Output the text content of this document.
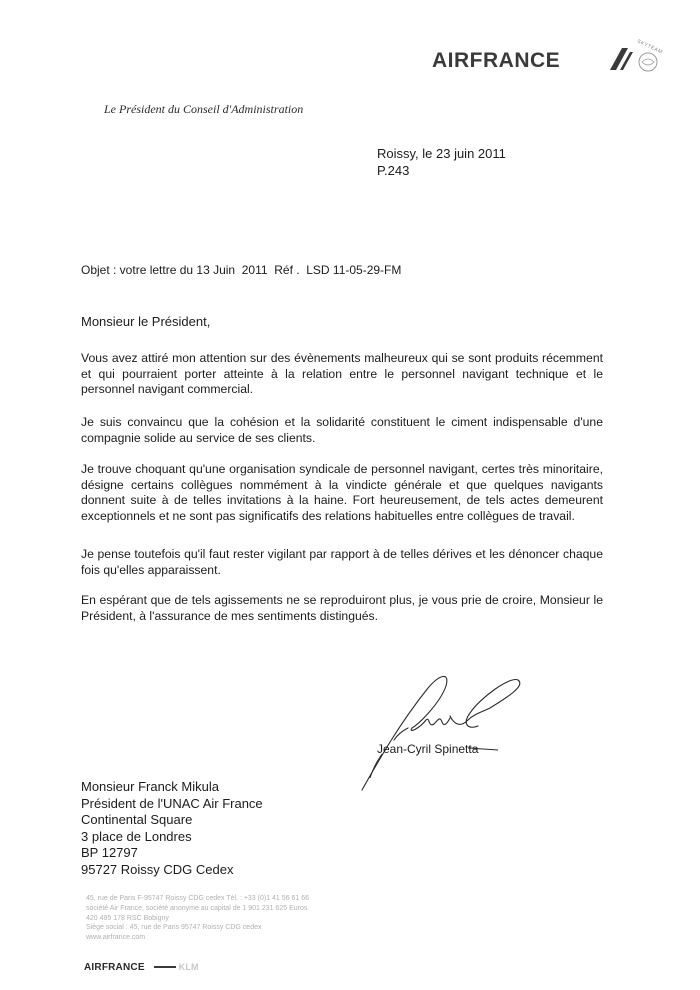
AIRFRANCE
SKYTEAM
Le Président du Conseil d'Administration
Roissy, le 23 juin 2011
P.243
Objet : votre lettre du 13 Juin  2011  Réf .  LSD 11-05-29-FM
Monsieur le Président,
Vous avez attiré mon attention sur des évènements malheureux qui se sont produits récemment et qui pourraient porter atteinte à la relation entre le personnel navigant technique et le personnel navigant commercial.
Je suis convaincu que la cohésion et la solidarité constituent le ciment indispensable d'une compagnie solide au service de ses clients.
Je trouve choquant qu'une organisation syndicale de personnel navigant, certes très minoritaire, désigne certains collègues nommément à la vindicte générale et que quelques navigants donnent suite à de telles invitations à la haine. Fort heureusement, de tels actes demeurent exceptionnels et ne sont pas significatifs des relations habituelles entre collègues de travail.
Je pense toutefois qu'il faut rester vigilant par rapport à de telles dérives et les dénoncer chaque fois qu'elles apparaissent.
En espérant que de tels agissements ne se reproduiront plus, je vous prie de croire, Monsieur le Président, à l'assurance de mes sentiments distingués.
Jean-Cyril Spinetta
Monsieur Franck Mikula
Président de l'UNAC Air France
Continental Square
3 place de Londres
BP 12797
95727 Roissy CDG Cedex
45, rue de Paris F-95747 Roissy CDG cedex Tél. : +33 (0)1 41 56 61 66
société Air France, société anonyme au capital de 1 901 231 625 Euros
420 495 178 RSC Bobigny
Siège social : 45, rue de Paris 95747 Roissy CDG cedex
www.airfrance.com
AIRFRANCE	KLM
